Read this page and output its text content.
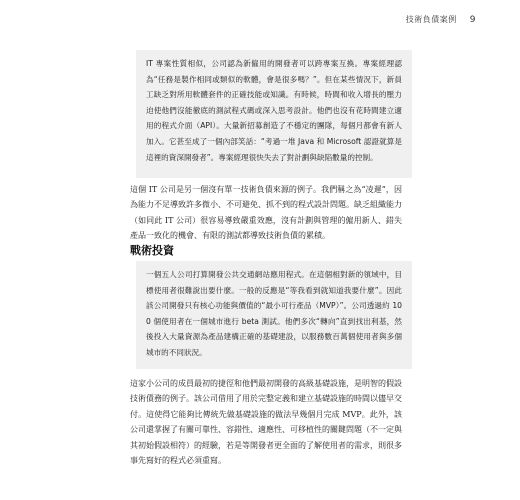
技術負債案例 9

IT 專案性質相似，公司認為新僱用的開發者可以跨專案互換。專案經理認為“任務是製作相同或類似的軟體，會是很多嗎？”。但在某些情況下，新員工缺乏對所用軟體套件的正確技能或知識。有時候，時間和收入增長的壓力迫使他們沒能徹底的測試程式碼或深入思考設計。他們也沒有花時間建立適用的程式介面（API）。大量新招募創造了不穩定的團隊，每個月都會有新人加入。它甚至成了一個內部笑話：“考過一堆 Java 和 Microsoft 認證就算是這裡的資深開發者”。專案經理很快失去了對計劃與缺陷數量的控制。

這個 IT 公司是另一個沒有單一技術負債來源的例子。我們稱之為“凌遲”，因為能力不足導致許多微小、不可避免、抓不到的程式設計問題。缺乏組織能力（如同此 IT 公司）很容易導致嚴重效應，沒有計劃與管理的僱用新人、錯失產品一致化的機會、有限的測試都導致技術負債的累積。

戰術投資

一個五人公司打算開發公共交通網站應用程式。在這個相對新的領域中，目標使用者很難說出要什麼。一般的反應是“等我看到就知道我要什麼”。因此該公司開發只有核心功能與價值的“最小可行產品（MVP）”。公司透過約 100 個使用者在一個城市進行 beta 測試。他們多次“轉向”直到找出利基，然後投入大量資源為產品建構正確的基礎建設，以服務數百萬個使用者與多個城市的不同狀況。

這家小公司的成員最初的捷徑和他們最初開發的高級基礎設施，是明智的假設技術債務的例子。該公司借用了用於完整定義和建立基礎設施的時間以儘早交付。這使得它能夠比傳統先做基礎設施的做法早幾個月完成 MVP。此外，該公司還掌握了有關可靠性、容錯性、適應性、可移植性的關鍵問題（不一定與其初始假設相符）的經驗，若是等開發者更全面的了解使用者的需求，則很多事先寫好的程式必須重寫。
